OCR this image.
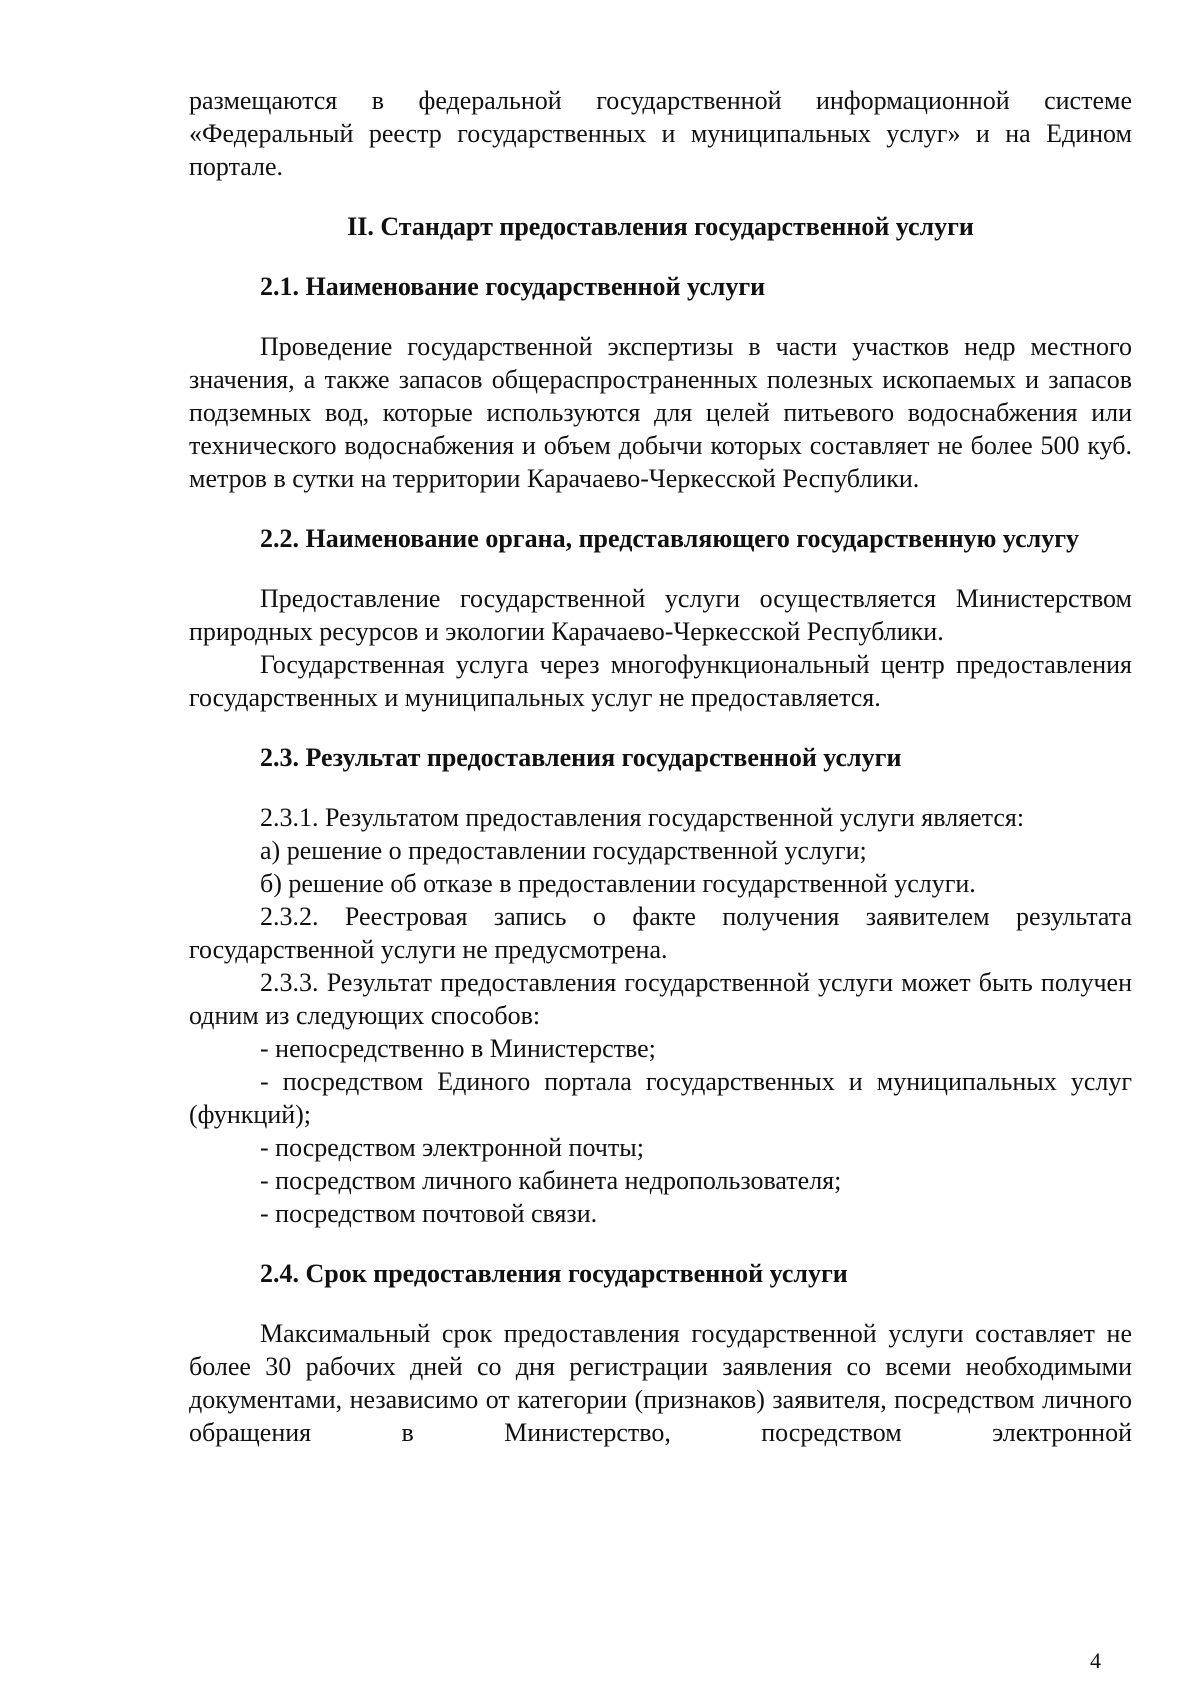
размещаются в федеральной государственной информационной системе «Федеральный реестр государственных и муниципальных услуг» и на Едином портале.

II. Стандарт предоставления государственной услуги

2.1. Наименование государственной услуги

Проведение государственной экспертизы в части участков недр местного значения, а также запасов общераспространенных полезных ископаемых и запасов подземных вод, которые используются для целей питьевого водоснабжения или технического водоснабжения и объем добычи которых составляет не более 500 куб. метров в сутки на территории Карачаево-Черкесской Республики.

2.2. Наименование органа, представляющего государственную услугу

Предоставление государственной услуги осуществляется Министерством природных ресурсов и экологии Карачаево-Черкесской Республики.

Государственная услуга через многофункциональный центр предоставления государственных и муниципальных услуг не предоставляется.

2.3. Результат предоставления государственной услуги

2.3.1. Результатом предоставления государственной услуги является:

а) решение о предоставлении государственной услуги;

б) решение об отказе в предоставлении государственной услуги.

2.3.2. Реестровая запись о факте получения заявителем результата государственной услуги не предусмотрена.

2.3.3. Результат предоставления государственной услуги может быть получен одним из следующих способов:

- непосредственно в Министерстве;

- посредством Единого портала государственных и муниципальных услуг (функций);

- посредством электронной почты;

- посредством личного кабинета недропользователя;

- посредством почтовой связи.

2.4. Срок предоставления государственной услуги

Максимальный срок предоставления государственной услуги составляет не более 30 рабочих дней со дня регистрации заявления со всеми необходимыми документами, независимо от категории (признаков) заявителя, посредством личного обращения в Министерство, посредством электронной

4
